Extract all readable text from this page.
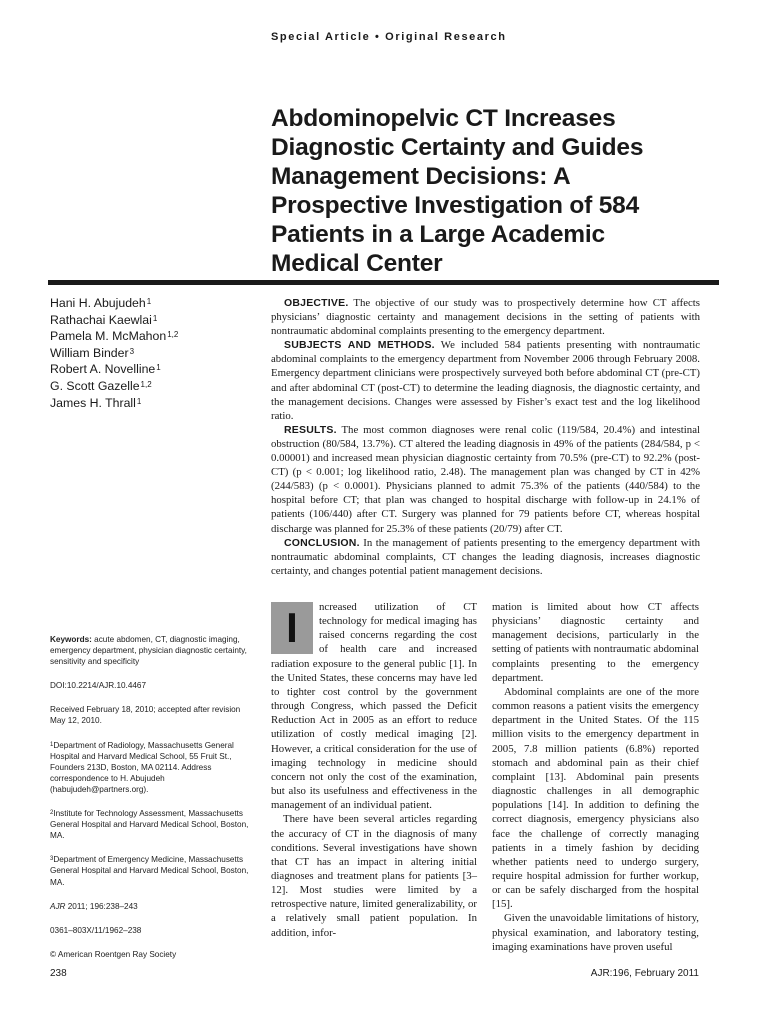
Special Article • Original Research
Abdominopelvic CT Increases Diagnostic Certainty and Guides Management Decisions: A Prospective Investigation of 584 Patients in a Large Academic Medical Center
Hani H. Abujudeh$^1$
Rathachai Kaewlai$^1$
Pamela M. McMahon$^{1,2}$
William Binder$^3$
Robert A. Novelline$^1$
G. Scott Gazelle$^{1,2}$
James H. Thrall$^1$

OBJECTIVE. The objective of our study was to prospectively determine how CT affects physicians’ diagnostic certainty and management decisions in the setting of patients with nontraumatic abdominal complaints presenting to the emergency department.

SUBJECTS AND METHODS. We included 584 patients presenting with nontraumatic abdominal complaints to the emergency department from November 2006 through February 2008. Emergency department clinicians were prospectively surveyed both before abdominal CT (pre-CT) and after abdominal CT (post-CT) to determine the leading diagnosis, the diagnostic certainty, and the management decisions. Changes were assessed by Fisher’s exact test and the log likelihood ratio.

RESULTS. The most common diagnoses were renal colic (119/584, 20.4%) and intestinal obstruction (80/584, 13.7%). CT altered the leading diagnosis in 49% of the patients (284/584, p < 0.00001) and increased mean physician diagnostic certainty from 70.5% (pre-CT) to 92.2% (post-CT) (p < 0.001; log likelihood ratio, 2.48). The management plan was changed by CT in 42% (244/583) (p < 0.0001). Physicians planned to admit 75.3% of the patients (440/584) to the hospital before CT; that plan was changed to hospital discharge with follow-up in 24.1% of patients (106/440) after CT. Surgery was planned for 79 patients before CT, whereas hospital discharge was planned for 25.3% of these patients (20/79) after CT.

CONCLUSION. In the management of patients presenting to the emergency department with nontraumatic abdominal complaints, CT changes the leading diagnosis, increases diagnostic certainty, and changes potential patient management decisions.

Keywords: acute abdomen, CT, diagnostic imaging, emergency department, physician diagnostic certainty, sensitivity and specificity

DOI:10.2214/AJR.10.4467

Received February 18, 2010; accepted after revision May 12, 2010.

$^1$Department of Radiology, Massachusetts General Hospital and Harvard Medical School, 55 Fruit St., Founders 213D, Boston, MA 02114. Address correspondence to H. Abujudeh (habujudeh@partners.org).

$^2$Institute for Technology Assessment, Massachusetts General Hospital and Harvard Medical School, Boston, MA.

$^3$Department of Emergency Medicine, Massachusetts General Hospital and Harvard Medical School, Boston, MA.

AJR 2011; 196:238–243

0361–803X/11/1962–238

© American Roentgen Ray Society

I	ncreased utilization of CT technology for medical imaging has raised concerns regarding the cost of health care and increased radiation exposure to the general public [1]. In the United States, these concerns may have led to tighter cost control by the government through Congress, which passed the Deficit Reduction Act in 2005 as an effort to reduce utilization of costly medical imaging [2]. However, a critical consideration for the use of imaging technology in medicine should concern not only the cost of the examination, but also its usefulness and effectiveness in the management of an individual patient.

There have been several articles regarding the accuracy of CT in the diagnosis of many conditions. Several investigations have shown that CT has an impact in altering initial diagnoses and treatment plans for patients [3–12]. Most studies were limited by a retrospective nature, limited generalizability, or a relatively small patient population. In addition, infor-

mation is limited about how CT affects physicians’ diagnostic certainty and management decisions, particularly in the setting of patients with nontraumatic abdominal complaints presenting to the emergency department.

Abdominal complaints are one of the more common reasons a patient visits the emergency department in the United States. Of the 115 million visits to the emergency department in 2005, 7.8 million patients (6.8%) reported stomach and abdominal pain as their chief complaint [13]. Abdominal pain presents diagnostic challenges in all demographic populations [14]. In addition to defining the correct diagnosis, emergency physicians also face the challenge of correctly managing patients in a timely fashion by deciding whether patients need to undergo surgery, require hospital admission for further workup, or can be safely discharged from the hospital [15].

Given the unavoidable limitations of history, physical examination, and laboratory testing, imaging examinations have proven useful

238	AJR:196, February 2011
